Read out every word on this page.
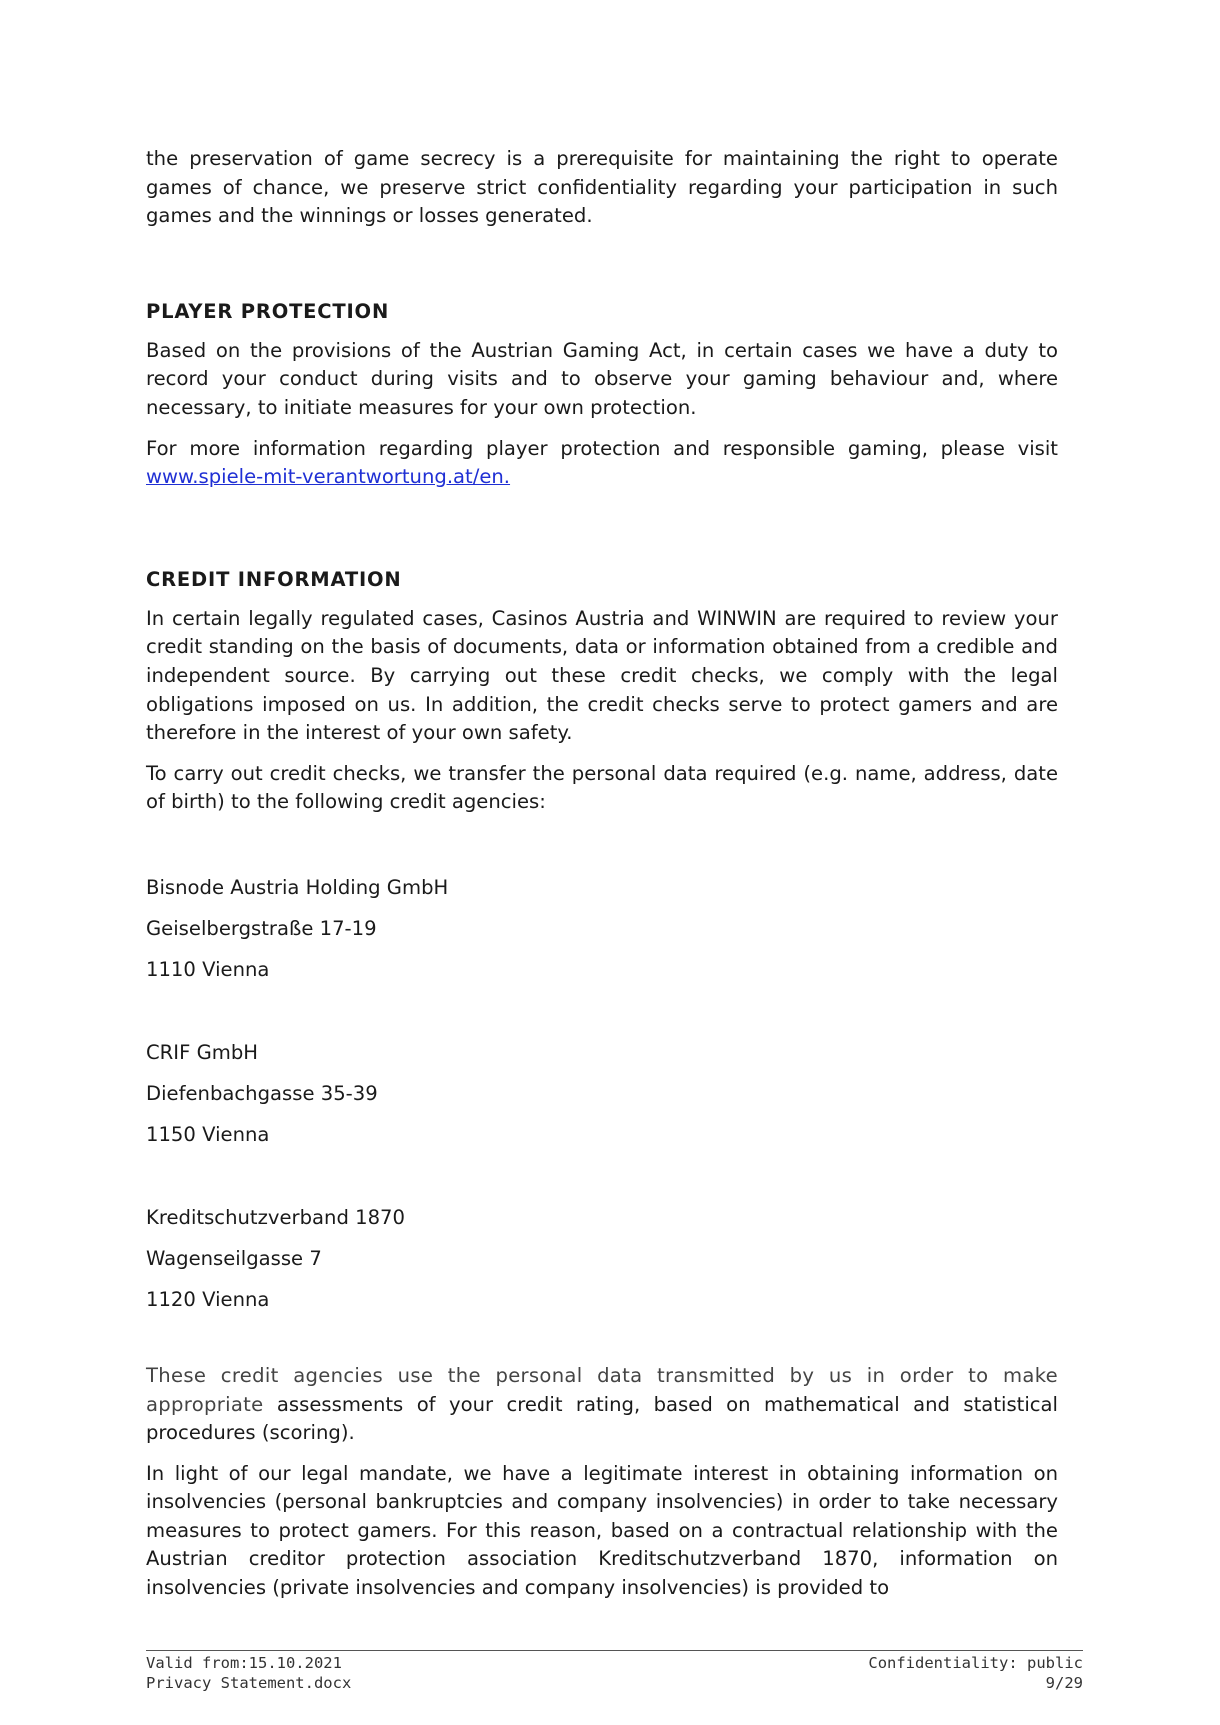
the preservation of game secrecy is a prerequisite for maintaining the right to operate games of chance, we preserve strict confidentiality regarding your participation in such games and the winnings or losses generated.

PLAYER PROTECTION

Based on the provisions of the Austrian Gaming Act, in certain cases we have a duty to record your conduct during visits and to observe your gaming behaviour and, where necessary, to initiate measures for your own protection.

For more information regarding player protection and responsible gaming, please visit www.spiele-mit-verantwortung.at/en.

CREDIT INFORMATION

In certain legally regulated cases, Casinos Austria and WINWIN are required to review your credit standing on the basis of documents, data or information obtained from a credible and independent source. By carrying out these credit checks, we comply with the legal obligations imposed on us. In addition, the credit checks serve to protect gamers and are therefore in the interest of your own safety.

To carry out credit checks, we transfer the personal data required (e.g. name, address, date of birth) to the following credit agencies:

Bisnode Austria Holding GmbH

Geiselbergstraße 17-19

1110 Vienna

CRIF GmbH

Diefenbachgasse 35-39

1150 Vienna

Kreditschutzverband 1870

Wagenseilgasse 7

1120 Vienna

These credit agencies use the personal data transmitted by us in order to make appropriate assessments of your credit rating, based on mathematical and statistical procedures (scoring).

In light of our legal mandate, we have a legitimate interest in obtaining information on insolvencies (personal bankruptcies and company insolvencies) in order to take necessary measures to protect gamers. For this reason, based on a contractual relationship with the Austrian creditor protection association Kreditschutzverband 1870, information on insolvencies (private insolvencies and company insolvencies) is provided to

Valid from:15.10.2021	Confidentiality: public
Privacy Statement.docx	9/29
